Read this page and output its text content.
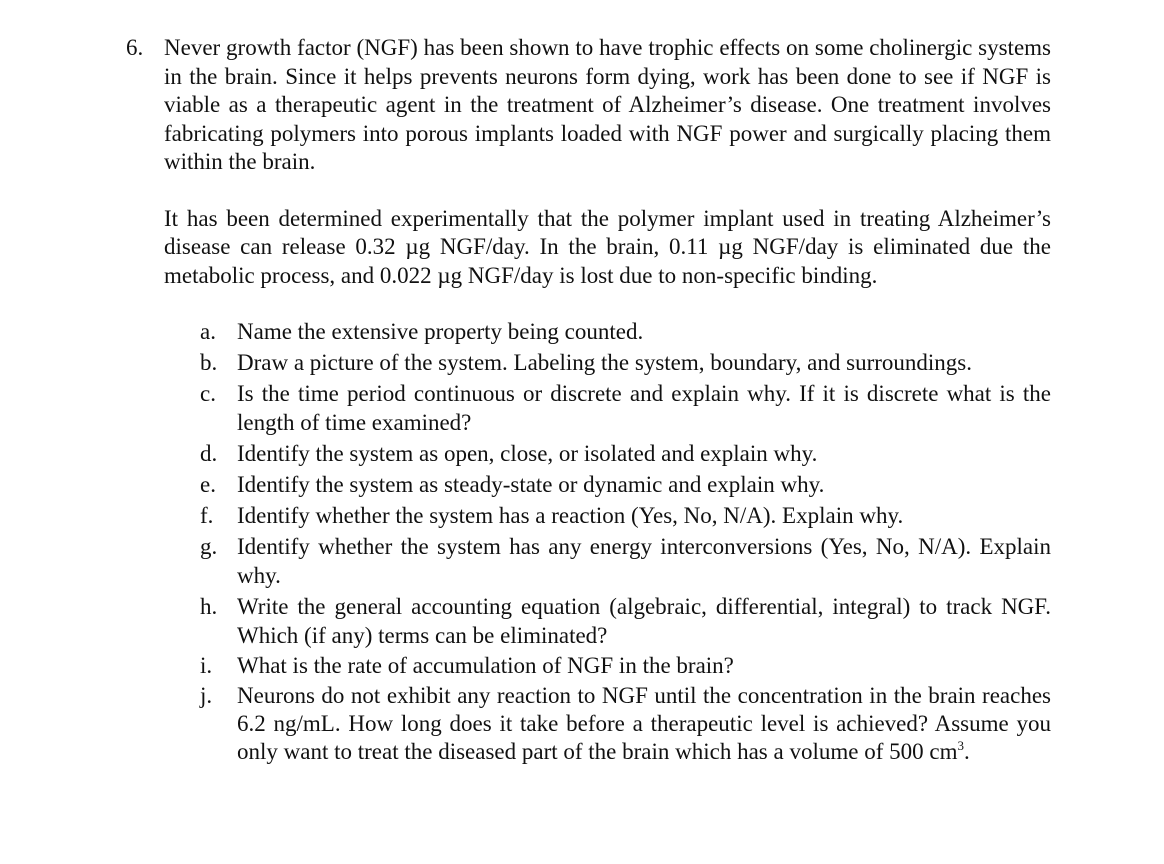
6. Never growth factor (NGF) has been shown to have trophic effects on some cholinergic systems in the brain. Since it helps prevents neurons form dying, work has been done to see if NGF is viable as a therapeutic agent in the treatment of Alzheimer’s disease. One treatment involves fabricating polymers into porous implants loaded with NGF power and surgically placing them within the brain.

It has been determined experimentally that the polymer implant used in treating Alzheimer’s disease can release 0.32 µg NGF/day. In the brain, 0.11 µg NGF/day is eliminated due the metabolic process, and 0.022 µg NGF/day is lost due to non-specific binding.

a. Name the extensive property being counted.
b. Draw a picture of the system. Labeling the system, boundary, and surroundings.
c. Is the time period continuous or discrete and explain why. If it is discrete what is the length of time examined?
d. Identify the system as open, close, or isolated and explain why.
e. Identify the system as steady-state or dynamic and explain why.
f. Identify whether the system has a reaction (Yes, No, N/A). Explain why.
g. Identify whether the system has any energy interconversions (Yes, No, N/A). Explain why.
h. Write the general accounting equation (algebraic, differential, integral) to track NGF. Which (if any) terms can be eliminated?
i. What is the rate of accumulation of NGF in the brain?
j. Neurons do not exhibit any reaction to NGF until the concentration in the brain reaches 6.2 ng/mL. How long does it take before a therapeutic level is achieved? Assume you only want to treat the diseased part of the brain which has a volume of 500 $cm^3$.
